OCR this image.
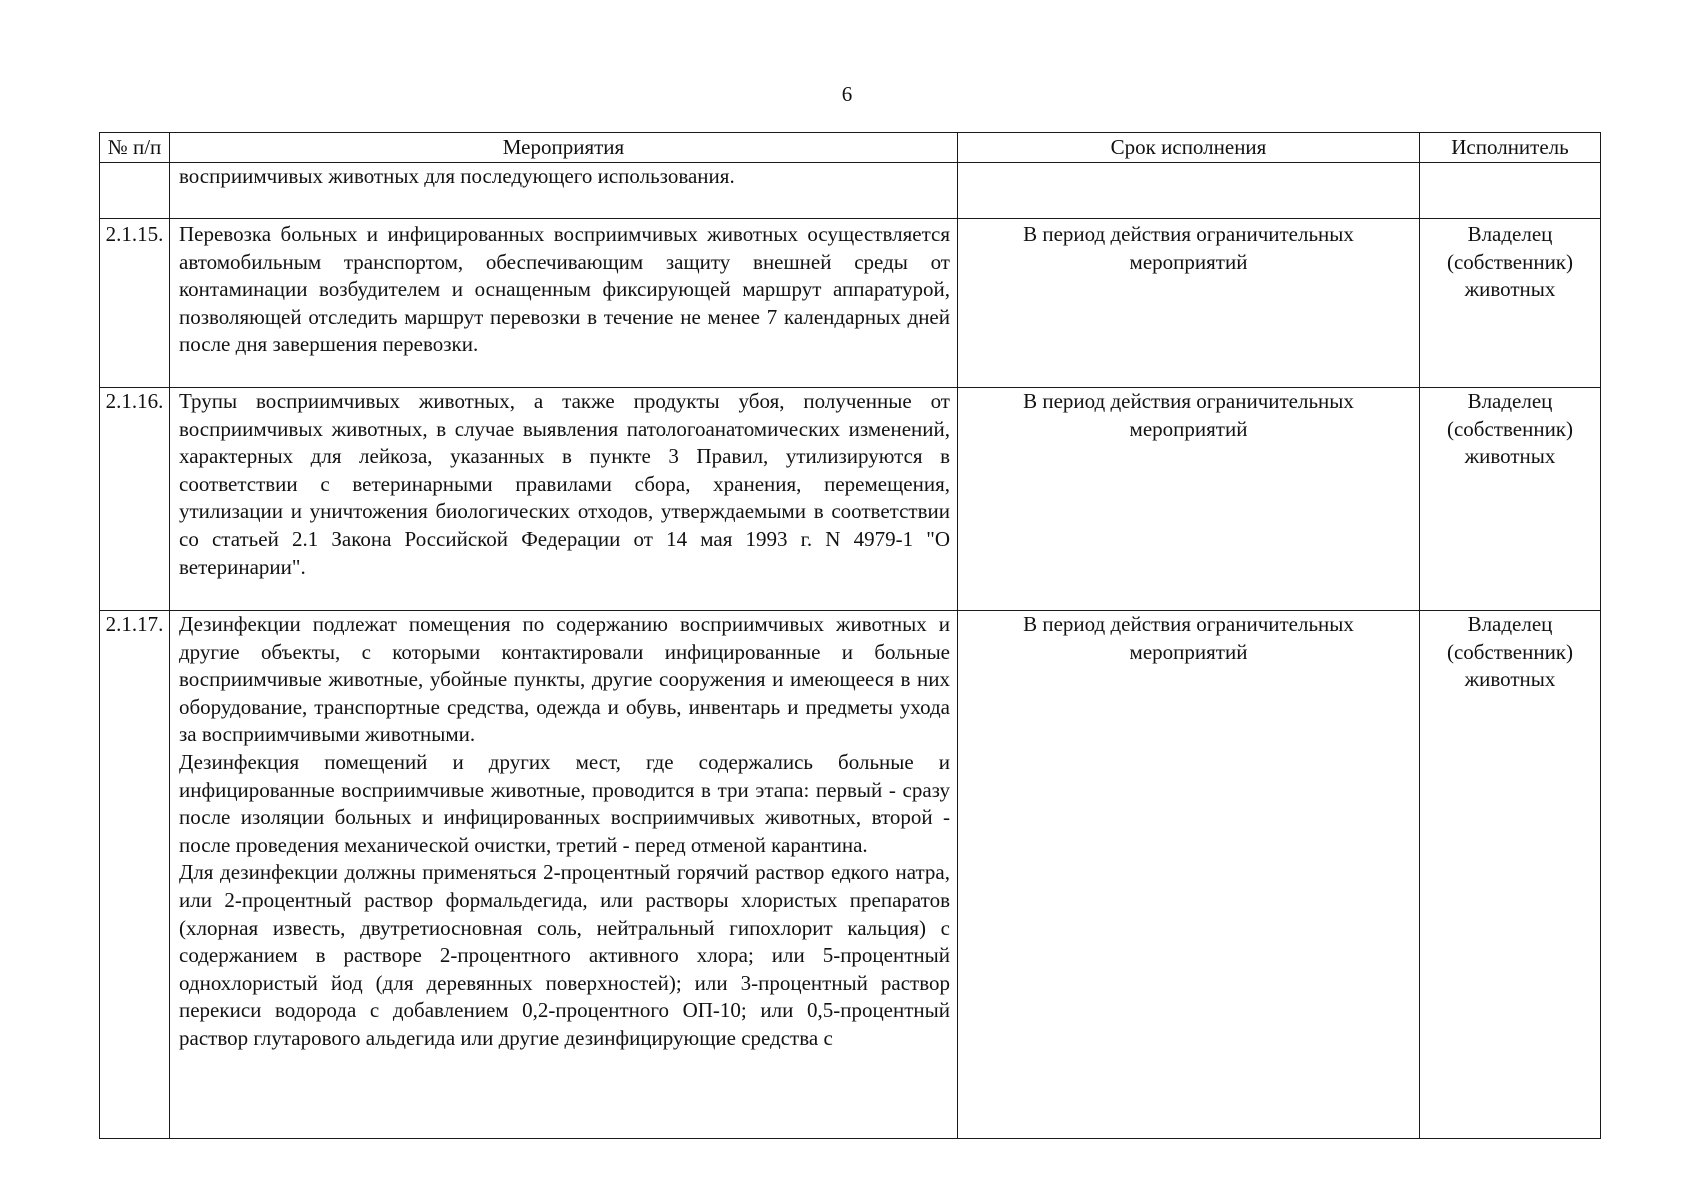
6
№ п/п	Мероприятия	Срок исполнения	Исполнитель

	восприимчивых животных для последующего использования.		

2.1.15.	Перевозка больных и инфицированных восприимчивых животных осуществляется автомобильным транспортом, обеспечивающим защиту внешней среды от контаминации возбудителем и оснащенным фиксирующей маршрут аппаратурой, позволяющей отследить маршрут перевозки в течение не менее 7 календарных дней после дня завершения перевозки.	В период действия ограничительных мероприятий	Владелец (собственник) животных
2.1.16.	Трупы восприимчивых животных, а также продукты убоя, полученные от восприимчивых животных, в случае выявления патологоанатомических изменений, характерных для лейкоза, указанных в пункте 3 Правил, утилизируются в соответствии с ветеринарными правилами сбора, хранения, перемещения, утилизации и уничтожения биологических отходов, утверждаемыми в соответствии со статьей 2.1 Закона Российской Федерации от 14 мая 1993 г. N 4979-1 "О ветеринарии".	В период действия ограничительных мероприятий	Владелец (собственник) животных
2.1.17.	Дезинфекции подлежат помещения по содержанию восприимчивых животных и другие объекты, с которыми контактировали инфицированные и больные восприимчивые животные, убойные пункты, другие сооружения и имеющееся в них оборудование, транспортные средства, одежда и обувь, инвентарь и предметы ухода за восприимчивыми животными.

Дезинфекция помещений и других мест, где содержались больные и инфицированные восприимчивые животные, проводится в три этапа: первый - сразу после изоляции больных и инфицированных восприимчивых животных, второй - после проведения механической очистки, третий - перед отменой карантина.

Для дезинфекции должны применяться 2-процентный горячий раствор едкого натра, или 2-процентный раствор формальдегида, или растворы хлористых препаратов (хлорная известь, двутретиосновная соль, нейтральный гипохлорит кальция) с содержанием в растворе 2-процентного активного хлора; или 5-процентный однохлористый йод (для деревянных поверхностей); или 3-процентный раствор перекиси водорода с добавлением 0,2-процентного ОП-10; или 0,5-процентный раствор глутарового альдегида или другие дезинфицирующие средства с	В период действия ограничительных мероприятий	Владелец (собственник) животных
